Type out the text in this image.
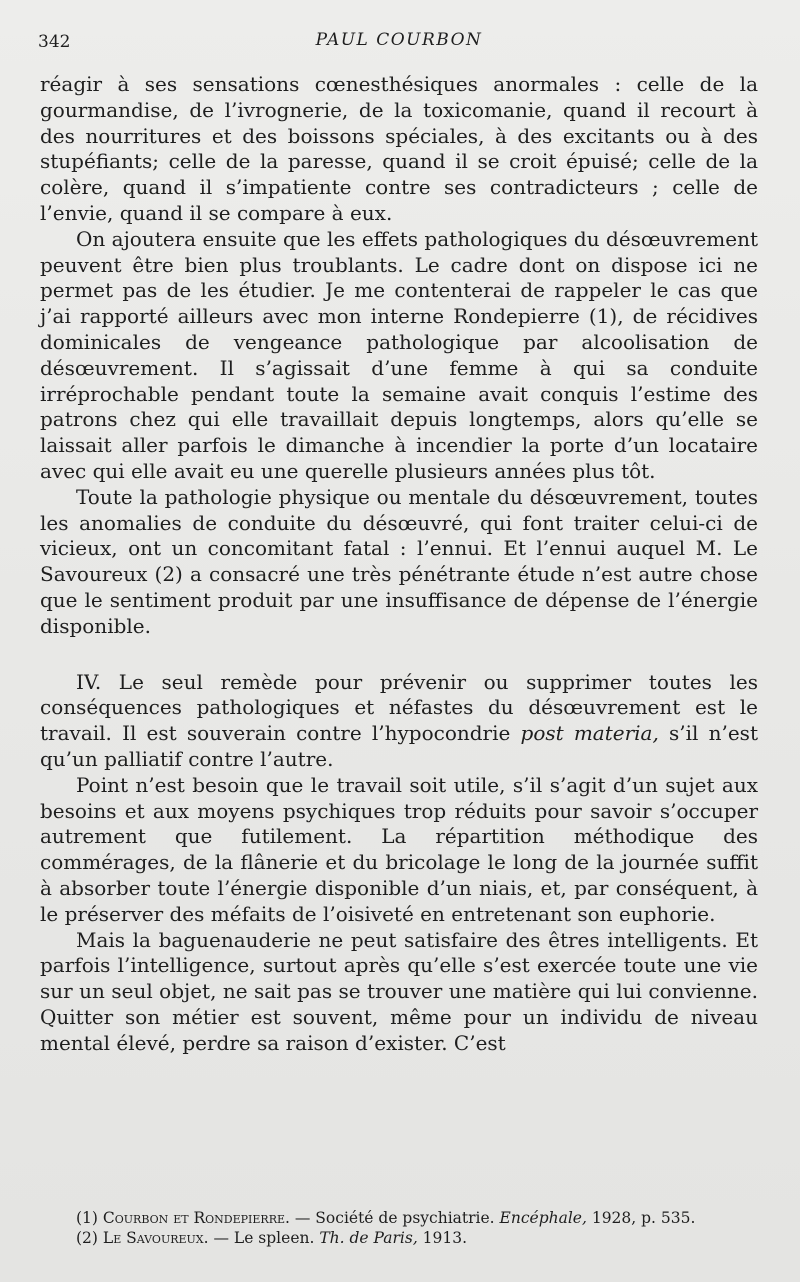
342	PAUL COURBON

réagir à ses sensations cœnesthésiques anormales : celle de la gourmandise, de l’ivrognerie, de la toxicomanie, quand il recourt à des nourritures et des boissons spéciales, à des excitants ou à des stupéfiants; celle de la paresse, quand il se croit épuisé; celle de la colère, quand il s’impatiente contre ses contradicteurs ; celle de l’envie, quand il se compare à eux.

On ajoutera ensuite que les effets pathologiques du désœuvrement peuvent être bien plus troublants. Le cadre dont on dispose ici ne permet pas de les étudier. Je me contenterai de rappeler le cas que j’ai rapporté ailleurs avec mon interne Rondepierre (1), de récidives dominicales de vengeance pathologique par alcoolisation de désœuvrement. Il s’agissait d’une femme à qui sa conduite irréprochable pendant toute la semaine avait conquis l’estime des patrons chez qui elle travaillait depuis longtemps, alors qu’elle se laissait aller parfois le dimanche à incendier la porte d’un locataire avec qui elle avait eu une querelle plusieurs années plus tôt.

Toute la pathologie physique ou mentale du désœuvrement, toutes les anomalies de conduite du désœuvré, qui font traiter celui-ci de vicieux, ont un concomitant fatal : l’ennui. Et l’ennui auquel M. Le Savoureux (2) a consacré une très pénétrante étude n’est autre chose que le sentiment produit par une insuffisance de dépense de l’énergie disponible.

IV. Le seul remède pour prévenir ou supprimer toutes les conséquences pathologiques et néfastes du désœuvrement est le travail. Il est souverain contre l’hypocondrie post materia, s’il n’est qu’un palliatif contre l’autre.

Point n’est besoin que le travail soit utile, s’il s’agit d’un sujet aux besoins et aux moyens psychiques trop réduits pour savoir s’occuper autrement que futilement. La répartition méthodique des commérages, de la flânerie et du bricolage le long de la journée suffit à absorber toute l’énergie disponible d’un niais, et, par conséquent, à le préserver des méfaits de l’oisiveté en entretenant son euphorie.

Mais la baguenauderie ne peut satisfaire des êtres intelligents. Et parfois l’intelligence, surtout après qu’elle s’est exercée toute une vie sur un seul objet, ne sait pas se trouver une matière qui lui convienne. Quitter son métier est souvent, même pour un individu de niveau mental élevé, perdre sa raison d’exister. C’est

(1) Courbon et Rondepierre. — Société de psychiatrie. Encéphale, 1928, p. 535.
(2) Le Savoureux. — Le spleen. Th. de Paris, 1913.
